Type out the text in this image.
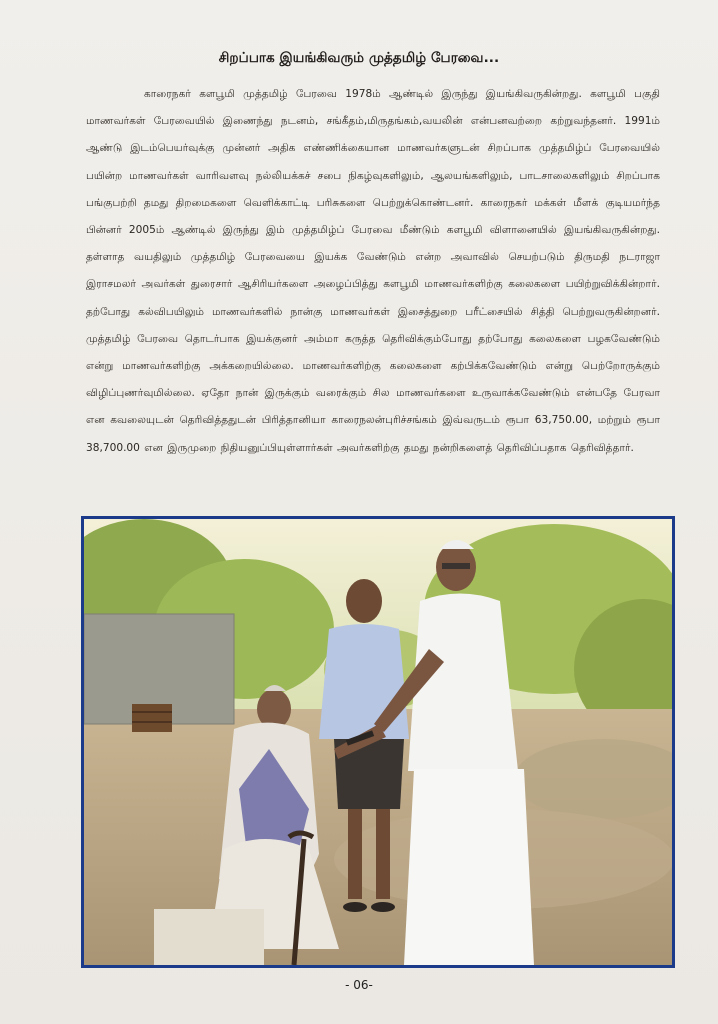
சிறப்பாக இயங்கிவரும் முத்தமிழ் பேரவை...
காரைநகர் களபூமி முத்தமிழ் பேரவை 1978ம் ஆண்டில் இருந்து இயங்கிவருகின்றது. களபூமி பகுதி மாணவர்கள் பேரவையில் இணைந்து நடனம், சங்கீதம்,மிருதங்கம்,வயலின் என்பனவற்றை கற்றுவந்தனர். 1991ம் ஆண்டு இடம்பெயர்வுக்கு முன்னர் அதிக எண்ணிக்கையான மாணவர்களுடன் சிறப்பாக முத்தமிழ்ப் பேரவையில் பயின்ற மாணவர்கள் வாரிவளவு நல்லியக்கச் சபை நிகழ்வுகளிலும், ஆலயங்களிலும், பாடசாலைகளிலும் சிறப்பாக பங்குபற்றி தமது திறமைகளை வெளிக்காட்டி பரிசுகளை பெற்றுக்கொண்டனர். காரைநகர் மக்கள் மீளக் குடியமர்ந்த பின்னர் 2005ம் ஆண்டில் இருந்து இம் முத்தமிழ்ப் பேரவை மீண்டும் களபூமி விளானையில் இயங்கிவருகின்றது. தள்ளாத வயதிலும் முத்தமிழ் பேரவையை இயக்க வேண்டும் என்ற அவாவில் செயற்படும் திருமதி நடராஜா இராசமலர் அவர்கள் துரைசார் ஆசிரியர்களை அழைப்பித்து களபூமி மாணவர்களிற்கு கலைகளை பயிற்றுவிக்கின்றார். தற்போது கல்விபயிலும் மாணவர்களில் நான்கு மாணவர்கள் இசைத்துறை பரீட்சையில் சித்தி பெற்றுவருகின்றனர். முத்தமிழ் பேரவை தொடர்பாக இயக்குனர் அம்மா கருத்த தெரிவிக்கும்போது தற்போது கலைகளை பழகவேண்டும் என்று மாணவர்களிற்கு அக்கறையில்லை. மாணவர்களிற்கு கலைகளை கற்பிக்கவேண்டும் என்று பெற்றோருக்கும் விழிப்புணர்வுமில்லை. ஏதோ நான் இருக்கும் வரைக்கும் சில மாணவர்களை உருவாக்கவேண்டும் என்பதே பேரவா என கவலையுடன் தெரிவித்ததுடன் பிரித்தானியா காரைநலன்புரிச்சங்கம் இவ்வருடம் ரூபா 63,750.00, மற்றும் ரூபா 38,700.00 என இருமுறை நிதியனுப்பியுள்ளார்கள் அவர்களிற்கு தமது நன்றிகளைத் தெரிவிப்பதாக தெரிவித்தார்.
- 06-
